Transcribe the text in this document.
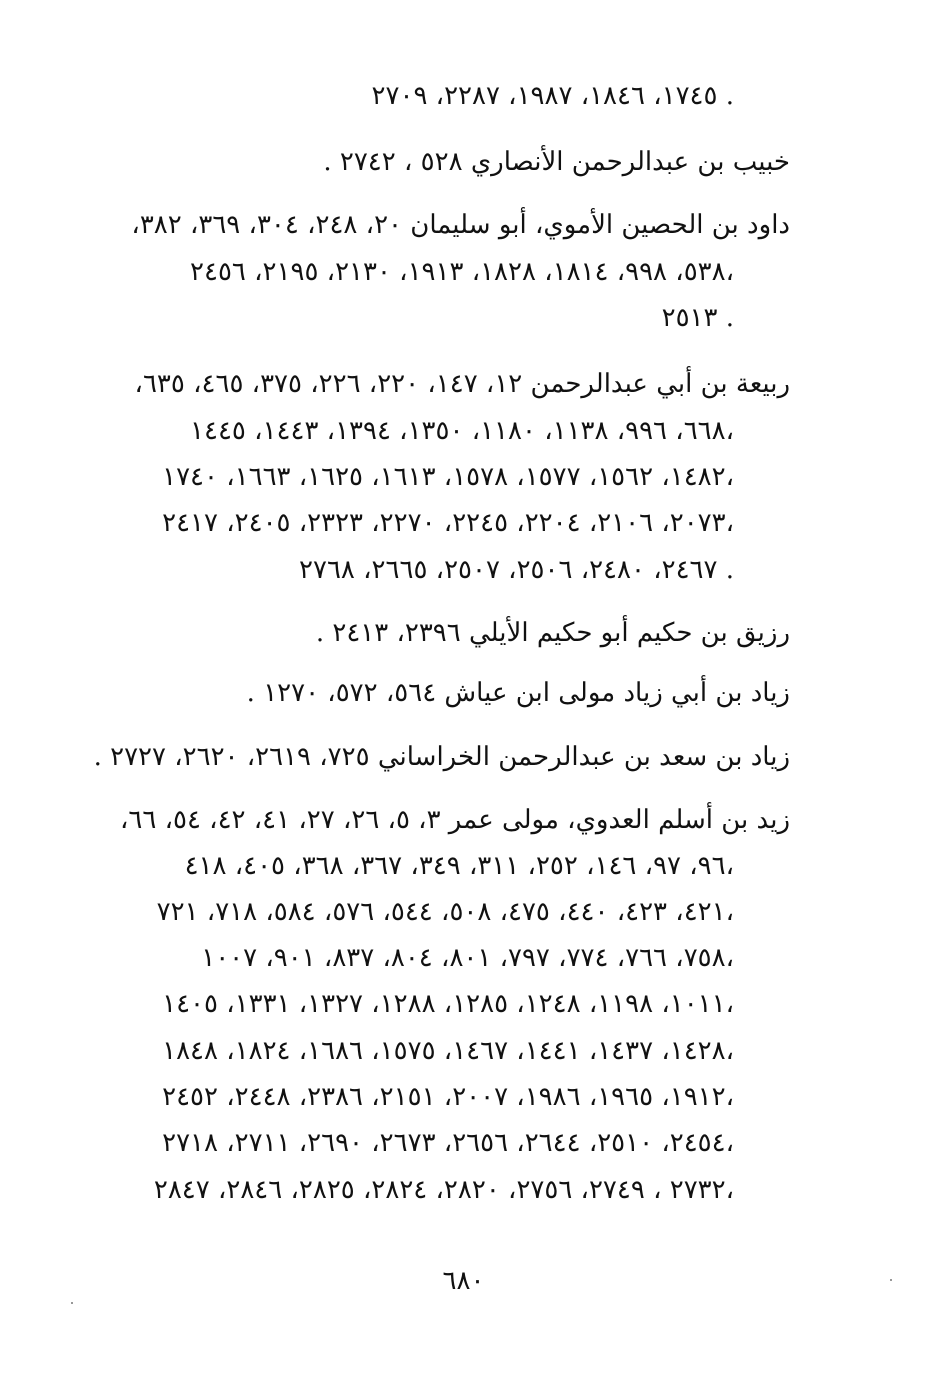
١٧٤٥، ١٨٤٦، ١٩٨٧، ٢٢٨٧، ٢٧٠٩ .
خبيب بن عبدالرحمن الأنصاري ٥٢٨ ، ٢٧٤٢ .
داود بن الحصين الأموي، أبو سليمان ٢٠، ٢٤٨، ٣٠٤، ٣٦٩، ٣٨٢،
٥٣٨، ٩٩٨، ١٨١٤، ١٨٢٨، ١٩١٣، ٢١٣٠، ٢١٩٥، ٢٤٥٦،
٢٥١٣ .
ربيعة بن أبي عبدالرحمن ١٢، ١٤٧، ٢٢٠، ٢٢٦، ٣٧٥، ٤٦٥، ٦٣٥،
٦٦٨، ٩٩٦، ١١٣٨، ١١٨٠، ١٣٥٠، ١٣٩٤، ١٤٤٣، ١٤٤٥،
١٤٨٢، ١٥٦٢، ١٥٧٧، ١٥٧٨، ١٦١٣، ١٦٢٥، ١٦٦٣، ١٧٤٠،
٢٠٧٣، ٢١٠٦، ٢٢٠٤، ٢٢٤٥، ٢٢٧٠، ٢٣٢٣، ٢٤٠٥، ٢٤١٧،
٢٤٦٧، ٢٤٨٠، ٢٥٠٦، ٢٥٠٧، ٢٦٦٥، ٢٧٦٨ .
رزيق بن حكيم أبو حكيم الأيلي ٢٣٩٦، ٢٤١٣ .
زياد بن أبي زياد مولى ابن عياش ٥٦٤، ٥٧٢، ١٢٧٠ .
زياد بن سعد بن عبدالرحمن الخراساني ٧٢٥، ٢٦١٩، ٢٦٢٠، ٢٧٢٧ .
زيد بن أسلم العدوي، مولى عمر ٣، ٥، ٢٦، ٢٧، ٤١، ٤٢، ٥٤، ٦٦،
٩٦، ٩٧، ١٤٦، ٢٥٢، ٣١١، ٣٤٩، ٣٦٧، ٣٦٨، ٤٠٥، ٤١٨،
٤٢١، ٤٢٣، ٤٤٠، ٤٧٥، ٥٠٨، ٥٤٤، ٥٧٦، ٥٨٤، ٧١٨، ٧٢١،
٧٥٨، ٧٦٦، ٧٧٤، ٧٩٧، ٨٠١، ٨٠٤، ٨٣٧، ٩٠١، ١٠٠٧،
١٠١١، ١١٩٨، ١٢٤٨، ١٢٨٥، ١٢٨٨، ١٣٢٧، ١٣٣١، ١٤٠٥،
١٤٢٨، ١٤٣٧، ١٤٤١، ١٤٦٧، ١٥٧٥، ١٦٨٦، ١٨٢٤، ١٨٤٨،
١٩١٢، ١٩٦٥، ١٩٨٦، ٢٠٠٧، ٢١٥١، ٢٣٨٦، ٢٤٤٨، ٢٤٥٢،
٢٤٥٤، ٢٥١٠، ٢٦٤٤، ٢٦٥٦، ٢٦٧٣، ٢٦٩٠، ٢٧١١، ٢٧١٨،
٢٧٣٢ ، ٢٧٤٩، ٢٧٥٦، ٢٨٢٠، ٢٨٢٤، ٢٨٢٥، ٢٨٤٦، ٢٨٤٧،
٦٨٠
